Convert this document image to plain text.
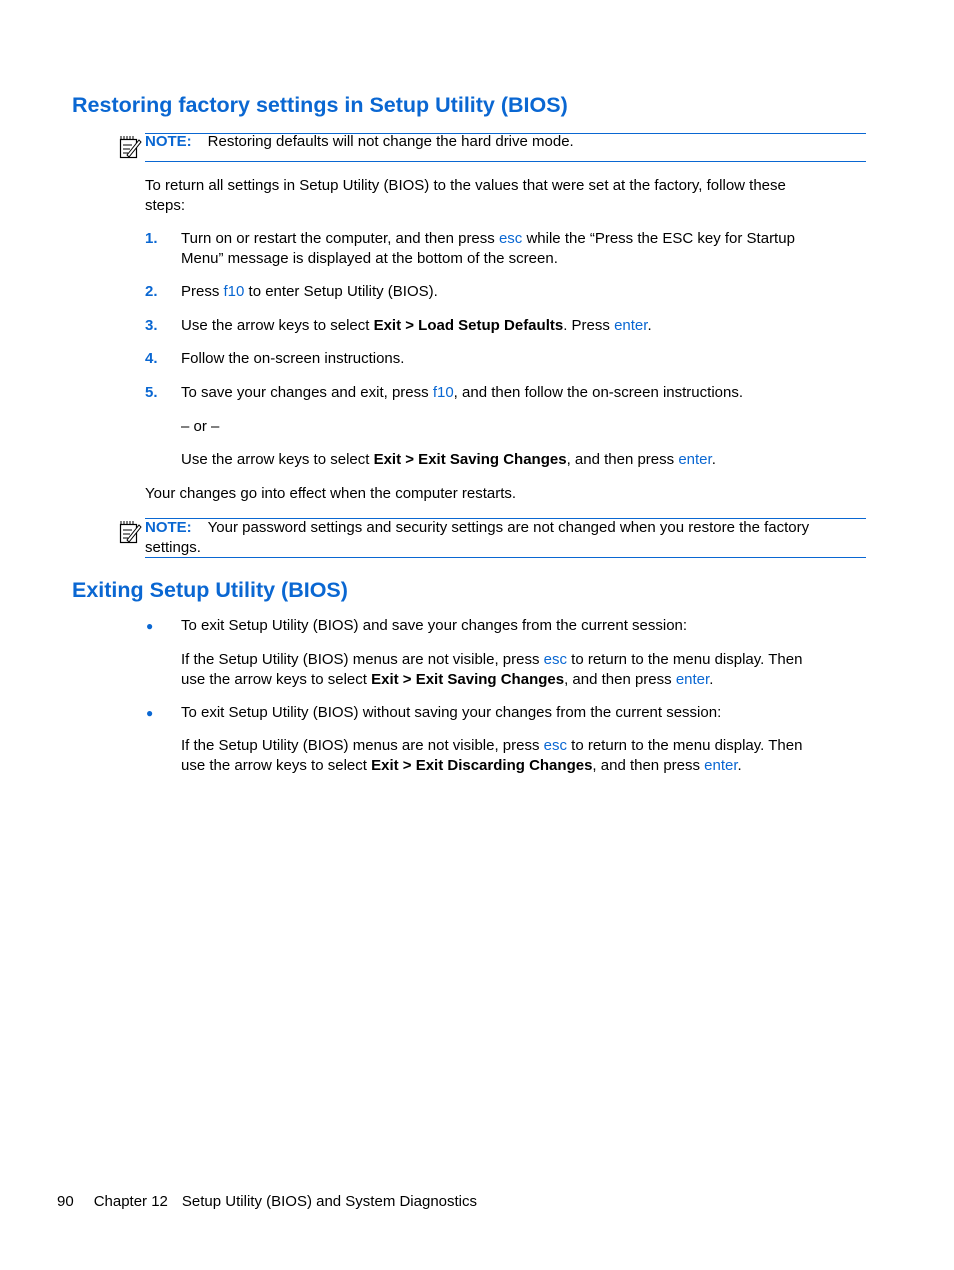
Restoring factory settings in Setup Utility (BIOS)
NOTE: Restoring defaults will not change the hard drive mode.
To return all settings in Setup Utility (BIOS) to the values that were set at the factory, follow these
steps:
1. Turn on or restart the computer, and then press esc while the “Press the ESC key for Startup
Menu” message is displayed at the bottom of the screen.
2. Press f10 to enter Setup Utility (BIOS).
3. Use the arrow keys to select Exit > Load Setup Defaults. Press enter.
4. Follow the on-screen instructions.
5. To save your changes and exit, press f10, and then follow the on-screen instructions.
– or –
Use the arrow keys to select Exit > Exit Saving Changes, and then press enter.
Your changes go into effect when the computer restarts.
NOTE: Your password settings and security settings are not changed when you restore the factory
settings.
Exiting Setup Utility (BIOS)
● To exit Setup Utility (BIOS) and save your changes from the current session:
If the Setup Utility (BIOS) menus are not visible, press esc to return to the menu display. Then
use the arrow keys to select Exit > Exit Saving Changes, and then press enter.
● To exit Setup Utility (BIOS) without saving your changes from the current session:
If the Setup Utility (BIOS) menus are not visible, press esc to return to the menu display. Then
use the arrow keys to select Exit > Exit Discarding Changes, and then press enter.
90 Chapter 12 Setup Utility (BIOS) and System Diagnostics
